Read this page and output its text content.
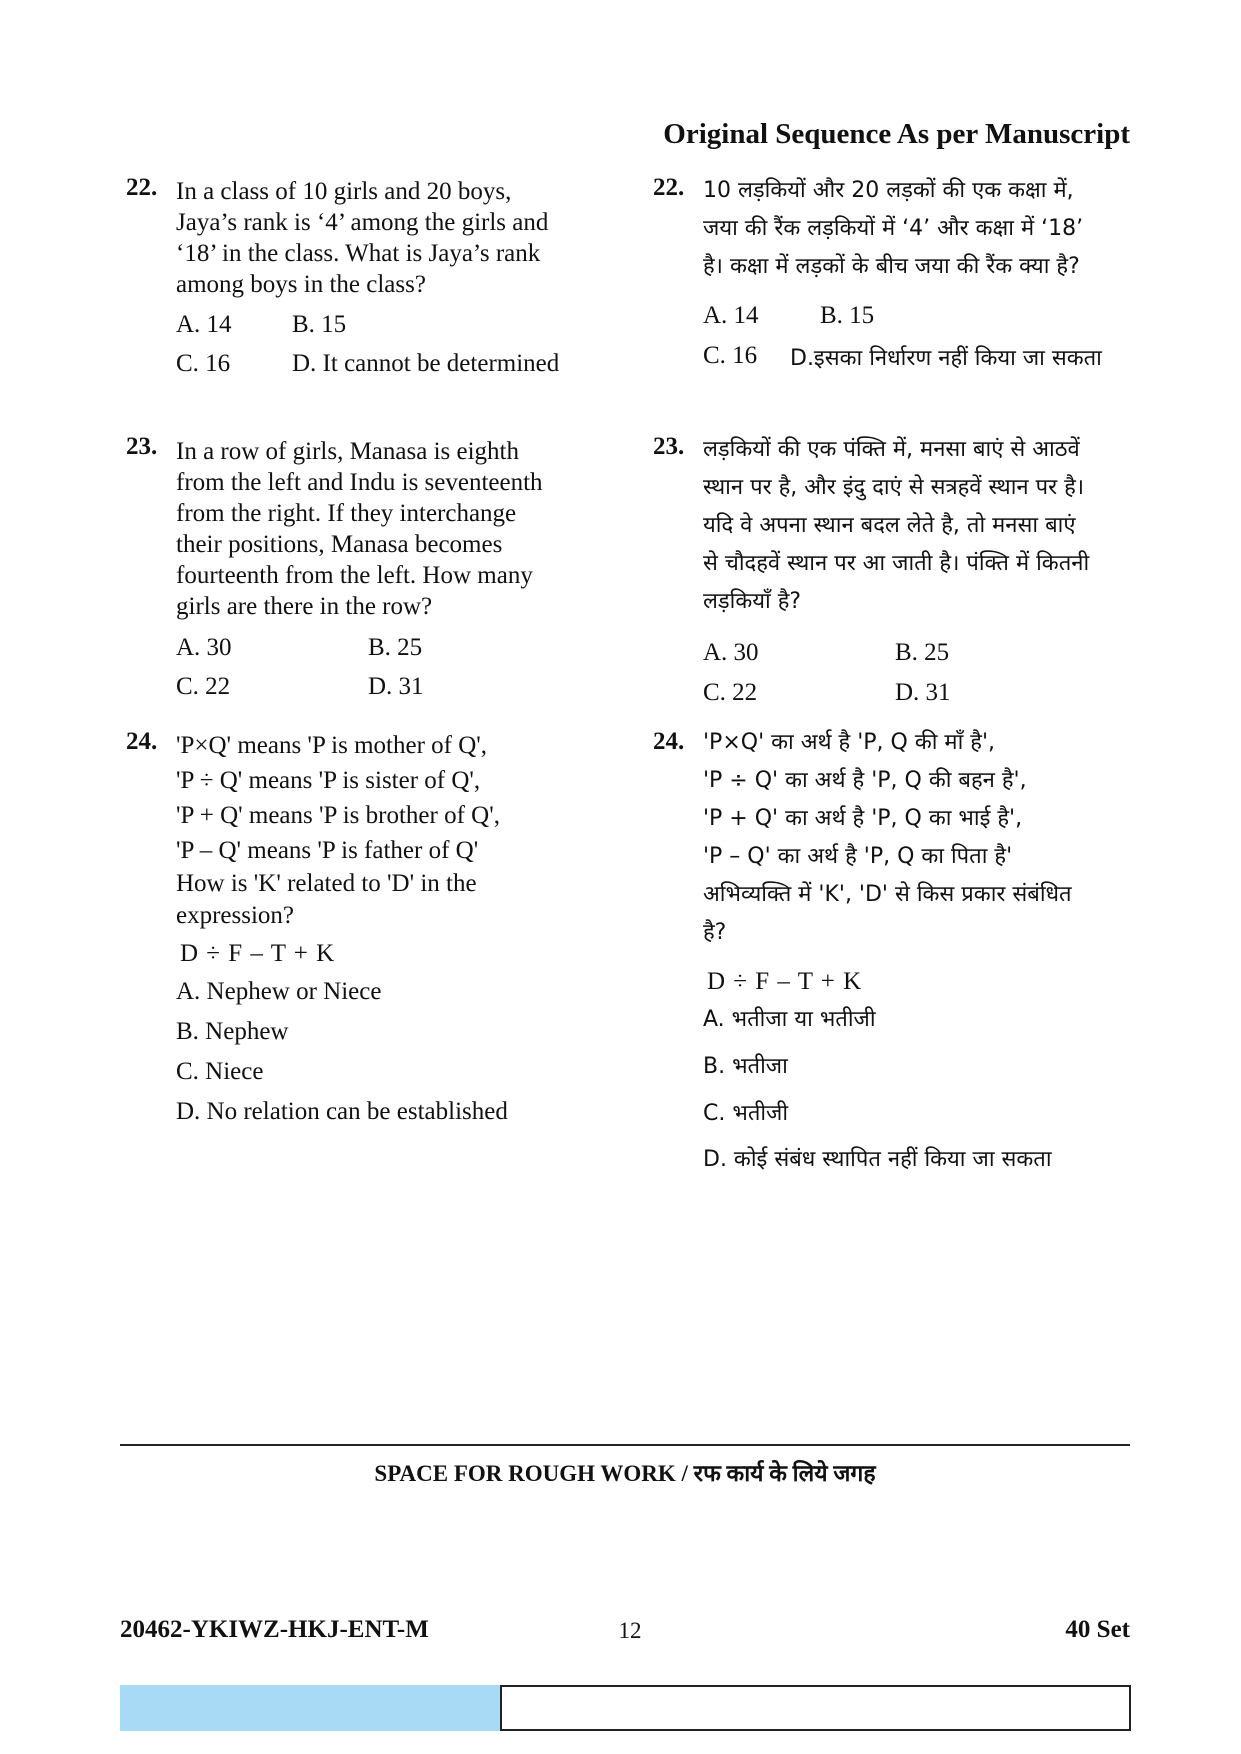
Original Sequence As per Manuscript
22. In a class of 10 girls and 20 boys,
Jaya’s rank is ‘4’ among the girls and
‘18’ in the class. What is Jaya’s rank
among boys in the class?
A. 14 B. 15
C. 16 D. It cannot be determined
23. In a row of girls, Manasa is eighth
from the left and Indu is seventeenth
from the right. If they interchange
their positions, Manasa becomes
fourteenth from the left. How many
girls are there in the row?
A. 30	B. 25
C. 22	D. 31
24. 'P×Q' means 'P is mother of Q',
'P ÷ Q' means 'P is sister of Q',
'P + Q' means 'P is brother of Q',
'P – Q' means 'P is father of Q'
How is 'K' related to 'D' in the
expression?
D ÷ F – T + K
A. Nephew or Niece
B. Nephew
C. Niece
D. No relation can be established
22. 10 लड़कियों और 20 लड़कों की एक कक्षा में,
जया की रैंक लड़कियों में ‘4’ और कक्षा में ‘18’
है। कक्षा में लड़कों के बीच जया की रैंक क्या है?
A. 14 B. 15
C. 16 D.इसका निर्धारण नहीं किया जा सकता
23. लड़कियों की एक पंक्ति में, मनसा बाएं से आठवें
स्थान पर है, और इंदु दाएं से सत्रहवें स्थान पर है।
यदि वे अपना स्थान बदल लेते है, तो मनसा बाएं
से चौदहवें स्थान पर आ जाती है। पंक्ति में कितनी
लड़कियाँ है?
A. 30	B. 25
C. 22	D. 31
24. 'P×Q' का अर्थ है 'P, Q की माँ है',
'P ÷ Q' का अर्थ है 'P, Q की बहन है',
'P + Q' का अर्थ है 'P, Q का भाई है',
'P – Q' का अर्थ है 'P, Q का पिता है'
अभिव्यक्ति में 'K', 'D' से किस प्रकार संबंधित
है?
D ÷ F – T + K
A. भतीजा या भतीजी
B. भतीजा
C. भतीजी
D. कोई संबंध स्थापित नहीं किया जा सकता
SPACE FOR ROUGH WORK / रफ कार्य के लिये जगह
20462-YKIWZ-HKJ-ENT-M	12	40 Set
